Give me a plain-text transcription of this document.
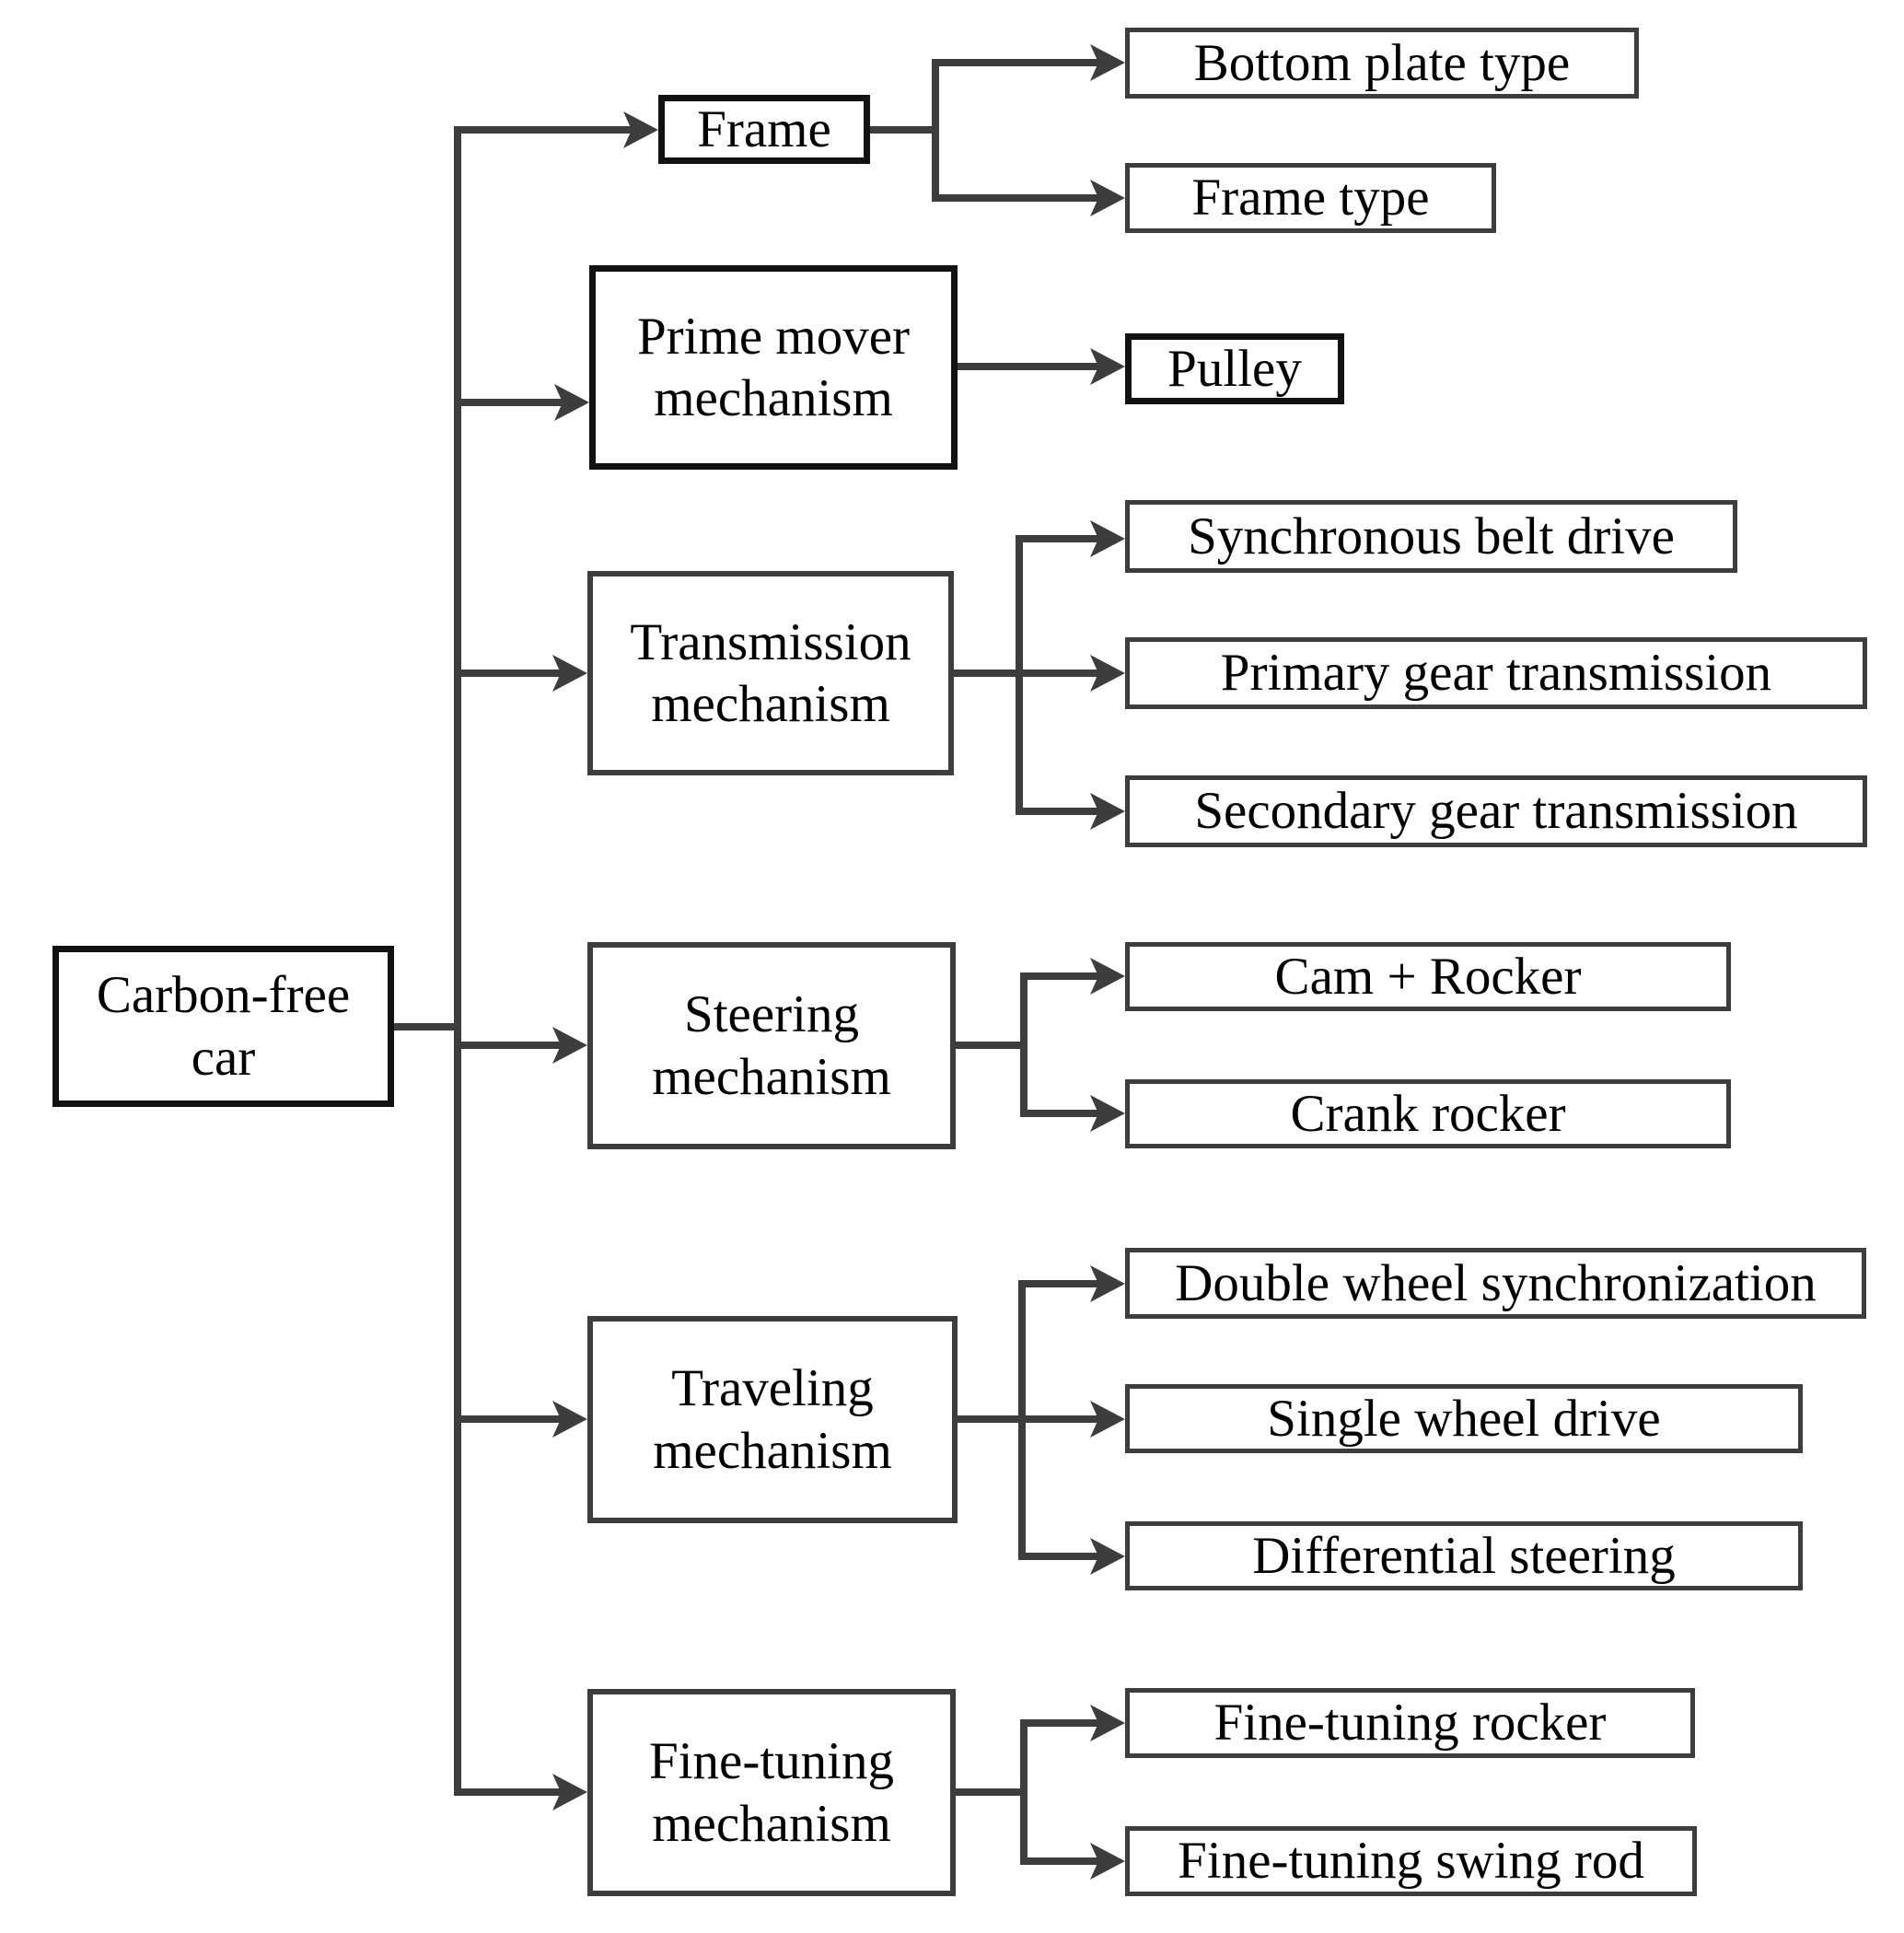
Carbon-free car
Frame
Prime mover mechanism
Transmission mechanism
Steering mechanism
Traveling mechanism
Fine-tuning mechanism
Bottom plate type
Frame type
Pulley
Synchronous belt drive
Primary gear transmission
Secondary gear transmission
Cam + Rocker
Crank rocker
Double wheel synchronization
Single wheel drive
Differential steering
Fine-tuning rocker
Fine-tuning swing rod
